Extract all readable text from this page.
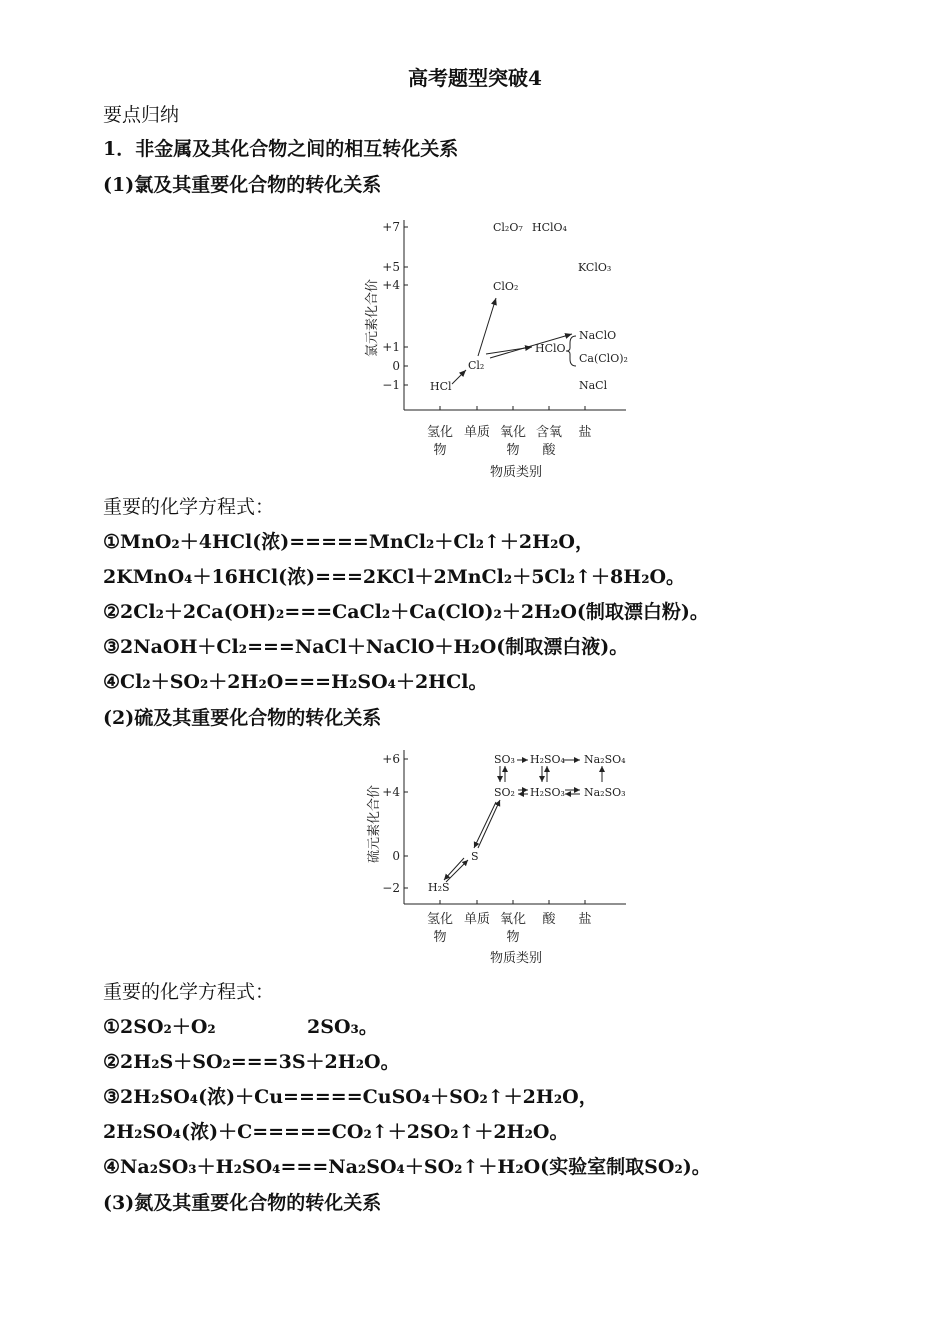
高考题型突破4
要点归纳
1．非金属及其化合物之间的相互转化关系
(1)氯及其重要化合物的转化关系
氯元素化合价
+7
+5
+4
+1
0
−1
氢化
物
单质 氧化
物
含氧
酸
盐
物质类别
Cl₂O₇ HClO₄
KClO₃
ClO₂
NaClO
HClO
Ca(ClO)₂
Cl₂
NaCl
HCl
重要的化学方程式：
①MnO₂＋4HCl(浓)=====MnCl₂＋Cl₂↑＋2H₂O，
2KMnO₄＋16HCl(浓)===2KCl＋2MnCl₂＋5Cl₂↑＋8H₂O。
②2Cl₂＋2Ca(OH)₂===CaCl₂＋Ca(ClO)₂＋2H₂O(制取漂白粉)。
③2NaOH＋Cl₂===NaCl＋NaClO＋H₂O(制取漂白液)。
④Cl₂＋SO₂＋2H₂O===H₂SO₄＋2HCl。
(2)硫及其重要化合物的转化关系
硫元素化合价
+6
+4
0
−2
氢化
物
单质 氧化
物
酸 盐
物质类别
SO₃ H₂SO₄ Na₂SO₄
SO₂ H₂SO₃ Na₂SO₃
S
H₂S
重要的化学方程式：
①2SO₂＋O₂	2SO₃。
②2H₂S＋SO₂===3S＋2H₂O。
③2H₂SO₄(浓)＋Cu=====CuSO₄＋SO₂↑＋2H₂O，
2H₂SO₄(浓)＋C=====CO₂↑＋2SO₂↑＋2H₂O。
④Na₂SO₃＋H₂SO₄===Na₂SO₄＋SO₂↑＋H₂O(实验室制取SO₂)。
(3)氮及其重要化合物的转化关系
